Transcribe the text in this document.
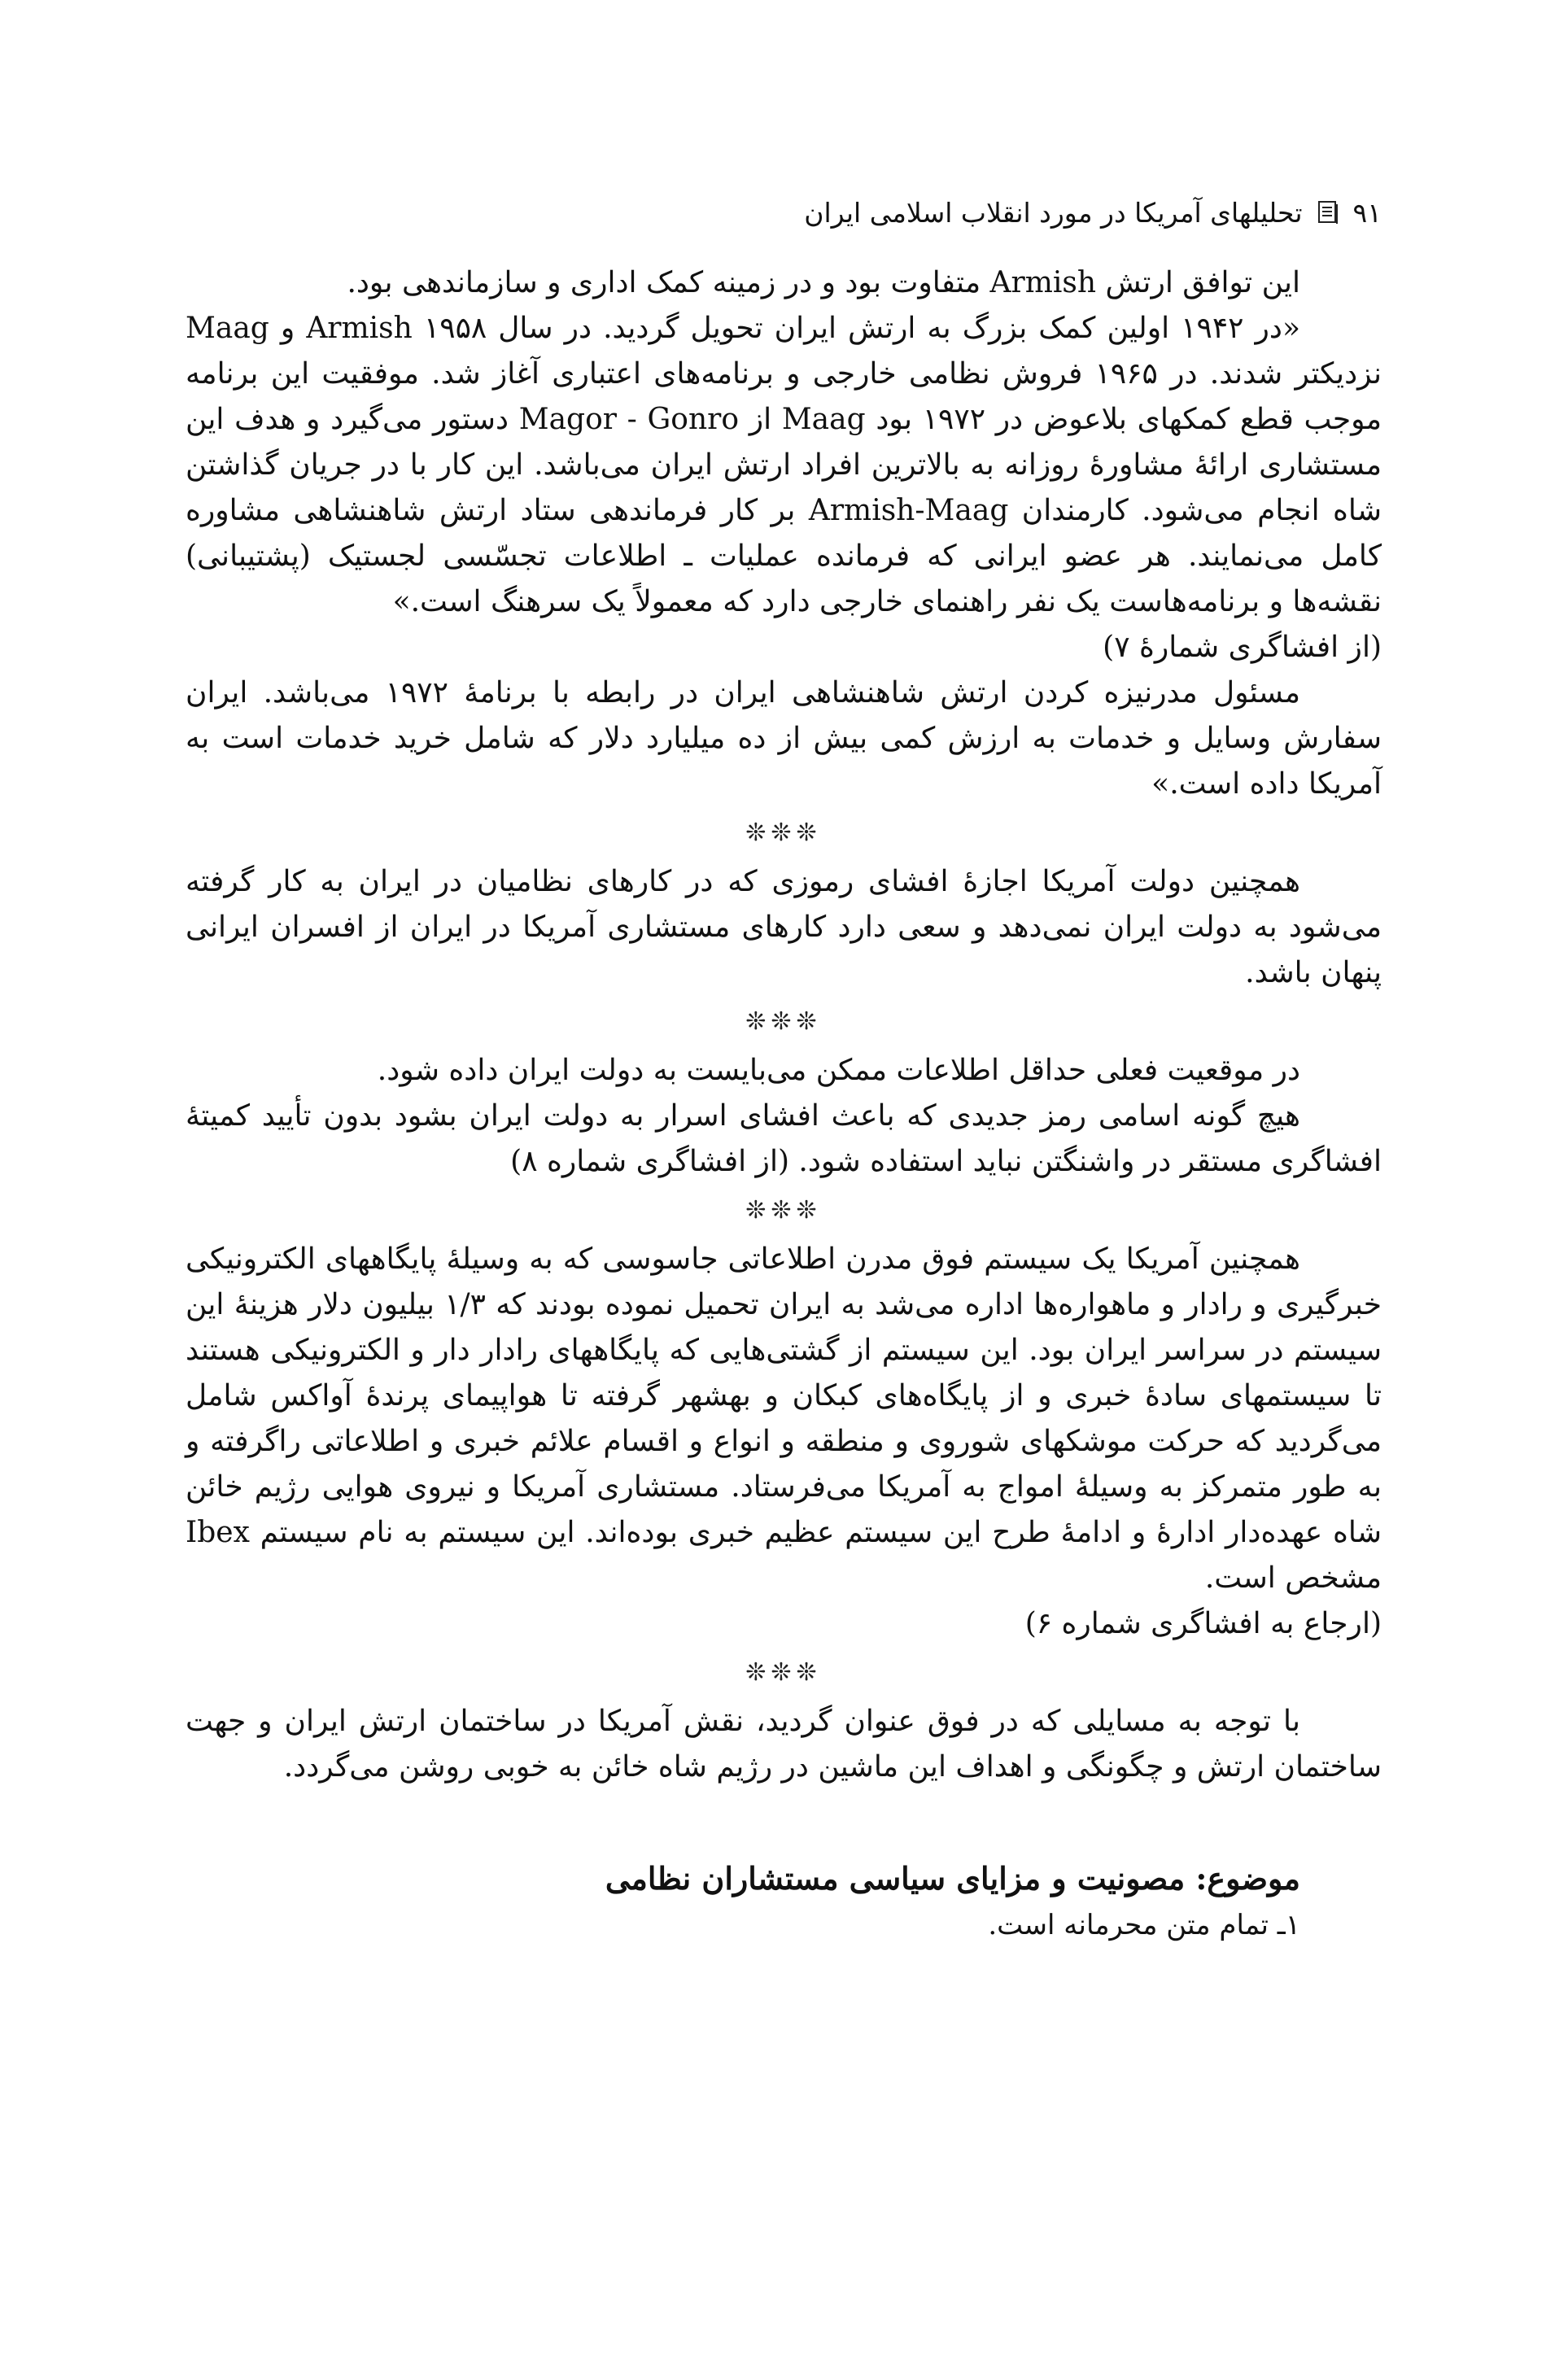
تحلیلهای آمریکا در مورد انقلاب اسلامی ایران ۹۱

این توافق ارتش Armish متفاوت بود و در زمینه کمک اداری و سازماندهی بود.

«در ۱۹۴۲ اولین کمک بزرگ به ارتش ایران تحویل گردید. در سال ۱۹۵۸ Armish و Maag نزدیکتر شدند. در ۱۹۶۵ فروش نظامی خارجی و برنامه‌های اعتباری آغاز شد. موفقیت این برنامه موجب قطع کمکهای بلاعوض در ۱۹۷۲ بود Maag از Magor - Gonro دستور می‌گیرد و هدف این مستشاری ارائهٔ مشاورهٔ روزانه به بالاترین افراد ارتش ایران می‌باشد. این کار با در جریان گذاشتن شاه انجام می‌شود. کارمندان Armish-Maag بر کار فرماندهی ستاد ارتش شاهنشاهی مشاوره کامل می‌نمایند. هر عضو ایرانی که فرمانده عملیات ـ اطلاعات تجسّسی لجستیک (پشتیبانی) نقشه‌ها و برنامه‌هاست یک نفر راهنمای خارجی دارد که معمولاً یک سرهنگ است.»

(از افشاگری شمارهٔ ۷)

مسئول مدرنیزه کردن ارتش شاهنشاهی ایران در رابطه با برنامهٔ ۱۹۷۲ می‌باشد. ایران سفارش وسایل و خدمات به ارزش کمی بیش از ده میلیارد دلار که شامل خرید خدمات است به آمریکا داده است.»

❊❊❊

همچنین دولت آمریکا اجازهٔ افشای رموزی که در کارهای نظامیان در ایران به کار گرفته می‌شود به دولت ایران نمی‌دهد و سعی دارد کارهای مستشاری آمریکا در ایران از افسران ایرانی پنهان باشد.

❊❊❊

در موقعیت فعلی حداقل اطلاعات ممکن می‌بایست به دولت ایران داده شود.

هیچ گونه اسامی رمز جدیدی که باعث افشای اسرار به دولت ایران بشود بدون تأیید کمیتهٔ افشاگری مستقر در واشنگتن نباید استفاده شود. (از افشاگری شماره ۸)

❊❊❊

همچنین آمریکا یک سیستم فوق مدرن اطلاعاتی جاسوسی که به وسیلهٔ پایگاههای الکترونیکی خبرگیری و رادار و ماهواره‌ها اداره می‌شد به ایران تحمیل نموده بودند که ۱/۳ بیلیون دلار هزینهٔ این سیستم در سراسر ایران بود. این سیستم از گشتی‌هایی که پایگاههای رادار دار و الکترونیکی هستند تا سیستمهای سادهٔ خبری و از پایگاه‌های کبکان و بهشهر گرفته تا هواپیمای پرندهٔ آواکس شامل می‌گردید که حرکت موشکهای شوروی و منطقه و انواع و اقسام علائم خبری و اطلاعاتی راگرفته و به طور متمرکز به وسیلهٔ امواج به آمریکا می‌فرستاد. مستشاری آمریکا و نیروی هوایی رژیم خائن شاه عهده‌دار ادارهٔ و ادامهٔ طرح این سیستم عظیم خبری بوده‌اند. این سیستم به نام سیستم Ibex مشخص است.

(ارجاع به افشاگری شماره ۶)

❊❊❊

با توجه به مسایلی که در فوق عنوان گردید، نقش آمریکا در ساختمان ارتش ایران و جهت ساختمان ارتش و چگونگی و اهداف این ماشین در رژیم شاه خائن به خوبی روشن می‌گردد.

موضوع: مصونیت و مزایای سیاسی مستشاران نظامی
۱ـ تمام متن محرمانه است.
